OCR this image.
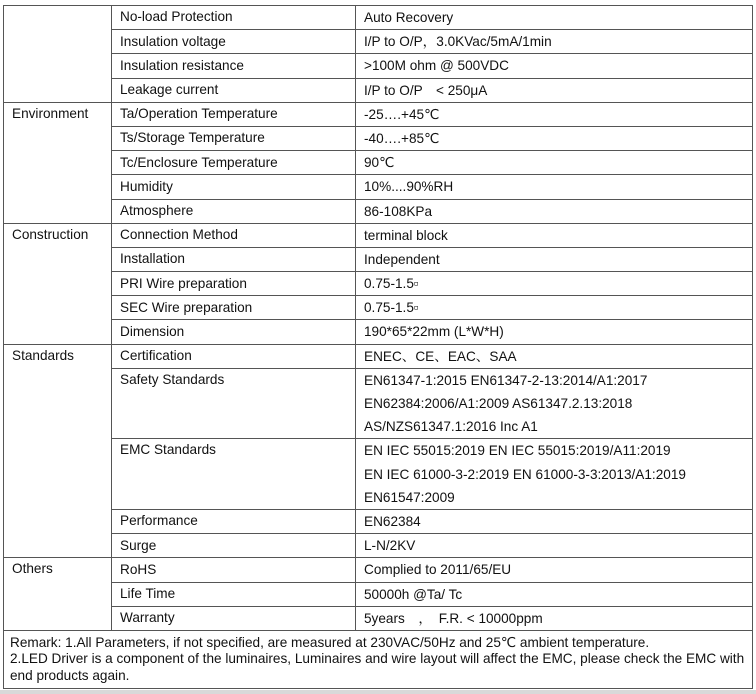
	No-load Protection	Auto Recovery

	Insulation voltage	I/P to O/P，3.0KVac/5mA/1min

	Insulation resistance	>100M ohm @ 500VDC

	Leakage current	I/P to O/P　< 250μA

Environment	Ta/Operation Temperature	-25….+45℃

	Ts/Storage Temperature	-40….+85℃

	Tc/Enclosure Temperature	90℃

	Humidity	10%....90%RH

	Atmosphere	86-108KPa

Construction	Connection Method	terminal block

	Installation	Independent

	PRI Wire preparation	0.75-1.5▫

	SEC Wire preparation	0.75-1.5▫

	Dimension	190*65*22mm (L*W*H)

Standards	Certification	ENEC、CE、EAC、SAA

	Safety Standards	EN61347-1:2015 EN61347-2-13:2014/A1:2017
EN62384:2006/A1:2009 AS61347.2.13:2018
AS/NZS61347.1:2016 Inc A1

	EMC Standards	EN IEC 55015:2019 EN IEC 55015:2019/A11:2019
EN IEC 61000-3-2:2019 EN 61000-3-3:2013/A1:2019
EN61547:2009

	Performance	EN62384

	Surge	L-N/2KV

Others	RoHS	Complied to 2011/65/EU

	Life Time	50000h @Ta/ Tc

	Warranty	5years　，　F.R. < 10000ppm

Remark: 1.All Parameters, if not specified, are measured at 230VAC/50Hz and 25℃ ambient temperature.
2.LED Driver is a component of the luminaires, Luminaires and wire layout will affect the EMC, please check the EMC with end products again.		
